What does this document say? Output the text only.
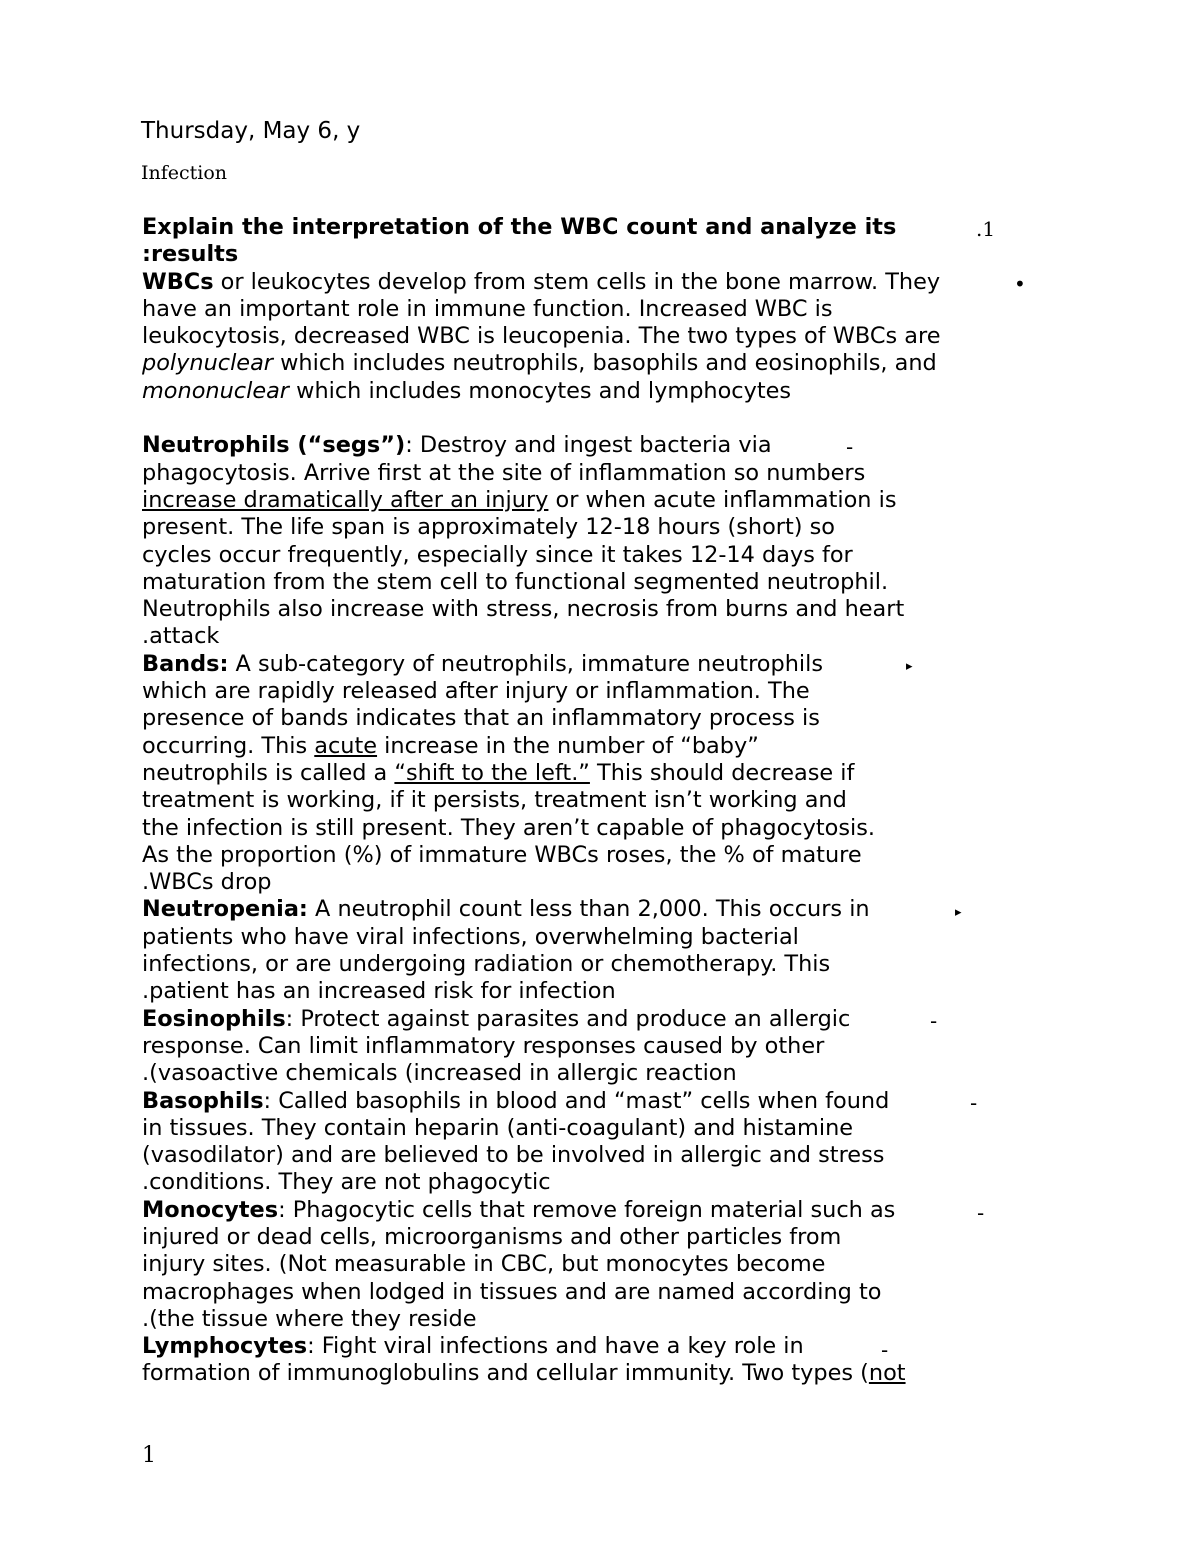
Thursday, May 6, y
Infection
.1
•
-
▸
▸
-
-
-
-

Explain the interpretation of the WBC count and analyze its

:results

WBCs or leukocytes develop from stem cells in the bone marrow. They

have an important role in immune function. Increased WBC is

leukocytosis, decreased WBC is leucopenia. The two types of WBCs are

polynuclear which includes neutrophils, basophils and eosinophils, and

mononuclear which includes monocytes and lymphocytes

Neutrophils (“segs”): Destroy and ingest bacteria via

phagocytosis. Arrive first at the site of inflammation so numbers

increase dramatically after an injury or when acute inflammation is

present. The life span is approximately 12-18 hours (short) so

cycles occur frequently, especially since it takes 12-14 days for

maturation from the stem cell to functional segmented neutrophil.

Neutrophils also increase with stress, necrosis from burns and heart

.attack

Bands: A sub-category of neutrophils, immature neutrophils

which are rapidly released after injury or inflammation. The

presence of bands indicates that an inflammatory process is

occurring. This acute increase in the number of “baby”

neutrophils is called a “shift to the left.” This should decrease if

treatment is working, if it persists, treatment isn’t working and

the infection is still present. They aren’t capable of phagocytosis.

As the proportion (%) of immature WBCs roses, the % of mature

.WBCs drop

Neutropenia: A neutrophil count less than 2,000. This occurs in

patients who have viral infections, overwhelming bacterial

infections, or are undergoing radiation or chemotherapy. This

.patient has an increased risk for infection

Eosinophils: Protect against parasites and produce an allergic

response. Can limit inflammatory responses caused by other

.(vasoactive chemicals (increased in allergic reaction

Basophils: Called basophils in blood and “mast” cells when found

in tissues. They contain heparin (anti-coagulant) and histamine

(vasodilator) and are believed to be involved in allergic and stress

.conditions. They are not phagocytic

Monocytes: Phagocytic cells that remove foreign material such as

injured or dead cells, microorganisms and other particles from

injury sites. (Not measurable in CBC, but monocytes become

macrophages when lodged in tissues and are named according to

.(the tissue where they reside

Lymphocytes: Fight viral infections and have a key role in

formation of immunoglobulins and cellular immunity. Two types (not

1
